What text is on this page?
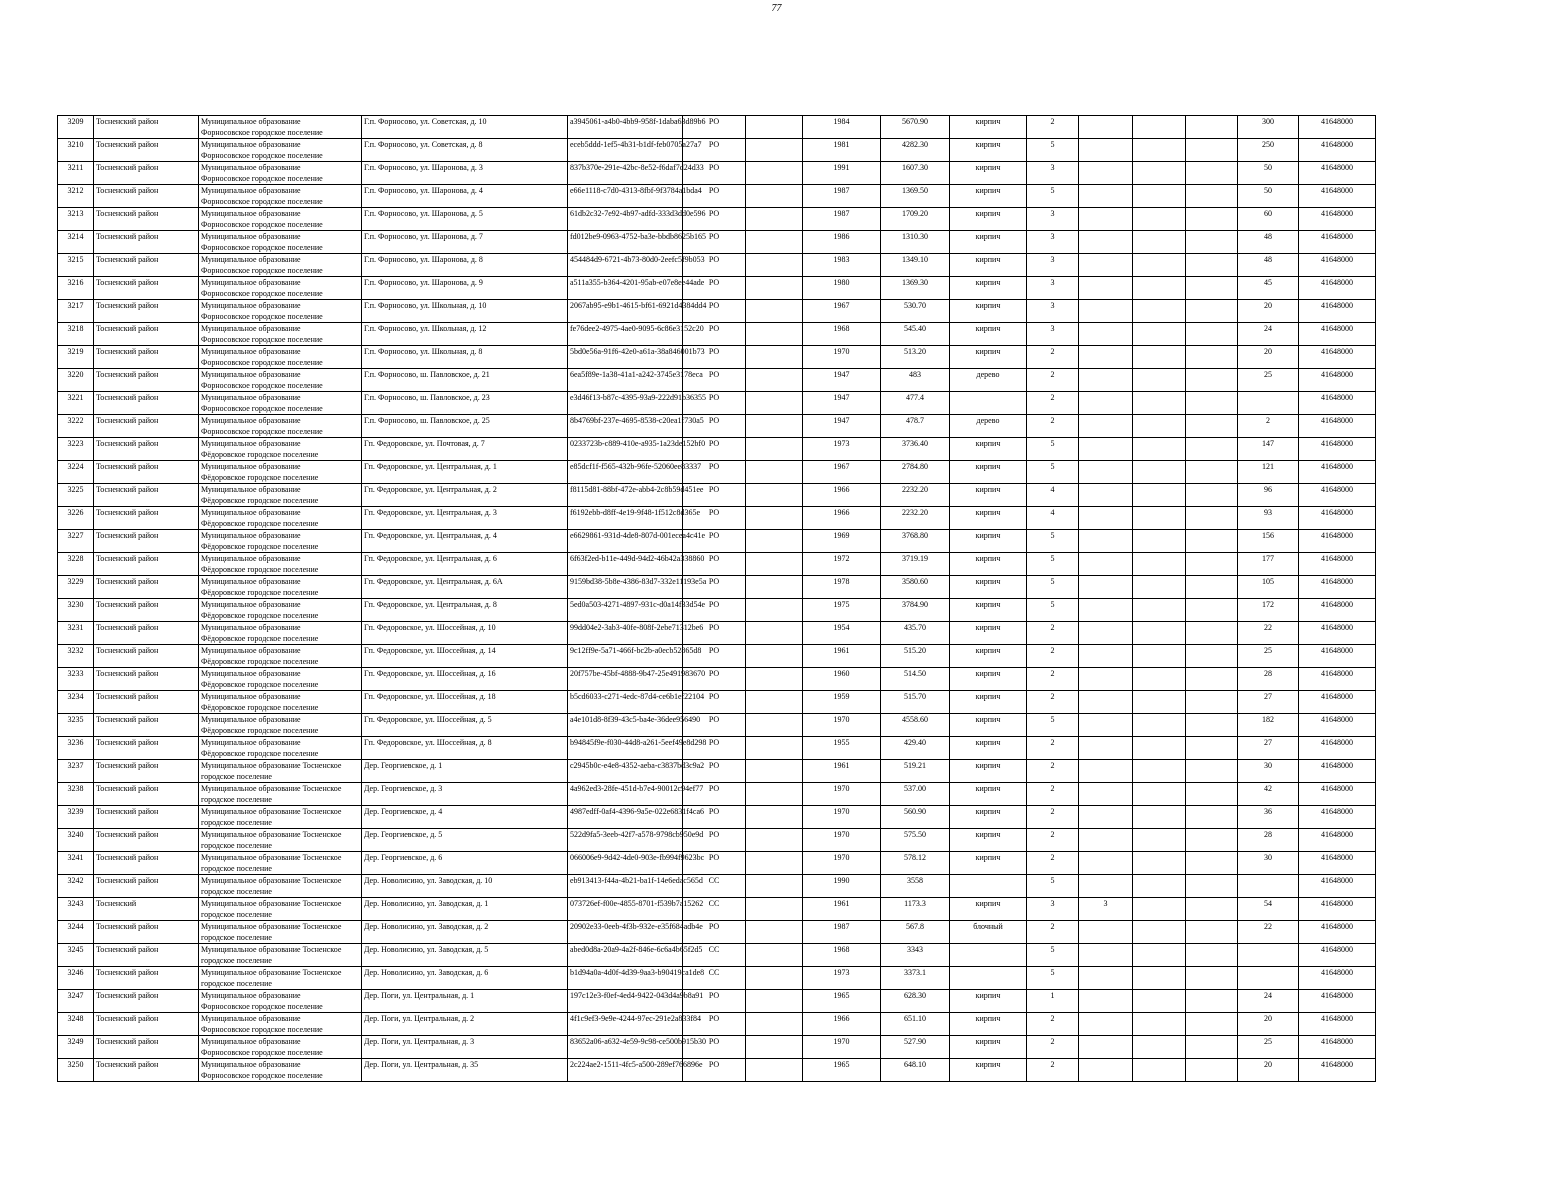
77
3209	Тосненский район	Муниципальное образование
Форносовское городское поселение	Г.п. Форносово, ул. Советская, д. 10	a3945061-a4b0-4bb9-958f-1daba63d89b6	РО		1984	5670.90	кирпич	2				300	41648000
3210	Тосненский район	Муниципальное образование
Форносовское городское поселение	Г.п. Форносово, ул. Советская, д. 8	eceb5ddd-1ef5-4b31-b1df-feb0705a27a7	РО		1981	4282.30	кирпич	5				250	41648000
3211	Тосненский район	Муниципальное образование
Форносовское городское поселение	Г.п. Форносово, ул. Шаронова, д. 3	837b370e-291e-42bc-8e52-f6daf7d24d33	РО		1991	1607.30	кирпич	3				50	41648000
3212	Тосненский район	Муниципальное образование
Форносовское городское поселение	Г.п. Форносово, ул. Шаронова, д. 4	e66e1118-c7d0-4313-8fbf-9f3784a1bda4	РО		1987	1369.50	кирпич	5				50	41648000
3213	Тосненский район	Муниципальное образование
Форносовское городское поселение	Г.п. Форносово, ул. Шаронова, д. 5	61db2c32-7e92-4b97-adfd-333d3dd0e596	РО		1987	1709.20	кирпич	3				60	41648000
3214	Тосненский район	Муниципальное образование
Форносовское городское поселение	Г.п. Форносово, ул. Шаронова, д. 7	fd012be9-0963-4752-ba3e-bbdb8625b165	РО		1986	1310.30	кирпич	3				48	41648000
3215	Тосненский район	Муниципальное образование
Форносовское городское поселение	Г.п. Форносово, ул. Шаронова, д. 8	454484d9-6721-4b73-80d0-2eefc5f9b053	РО		1983	1349.10	кирпич	3				48	41648000
3216	Тосненский район	Муниципальное образование
Форносовское городское поселение	Г.п. Форносово, ул. Шаронова, д. 9	a511a355-b364-4201-95ab-e07e8ee44ade	РО		1980	1369.30	кирпич	3				45	41648000
3217	Тосненский район	Муниципальное образование
Форносовское городское поселение	Г.п. Форносово, ул. Школьная, д. 10	2067ab95-e9b1-4615-bf61-6921d4384dd4	РО		1967	530.70	кирпич	3				20	41648000
3218	Тосненский район	Муниципальное образование
Форносовское городское поселение	Г.п. Форносово, ул. Школьная, д. 12	fe76dee2-4975-4ae0-9095-6c86e3152c20	РО		1968	545.40	кирпич	3				24	41648000
3219	Тосненский район	Муниципальное образование
Форносовское городское поселение	Г.п. Форносово, ул. Школьная, д. 8	5bd0e56a-91f6-42e0-a61a-38a846001b73	РО		1970	513.20	кирпич	2				20	41648000
3220	Тосненский район	Муниципальное образование
Форносовское городское поселение	Г.п. Форносово, ш. Павловское, д. 21	6ea5f89e-1a38-41a1-a242-3745e3178eca	РО		1947	483	дерево	2				25	41648000
3221	Тосненский район	Муниципальное образование
Форносовское городское поселение	Г.п. Форносово, ш. Павловское, д. 23	e3d46f13-b87c-4395-93a9-222d91b36355	РО		1947	477.4		2					41648000
3222	Тосненский район	Муниципальное образование
Форносовское городское поселение	Г.п. Форносово, ш. Павловское, д. 25	8b4769bf-237e-4695-8538-c20ea1f730a5	РО		1947	478.7	дерево	2				2	41648000
3223	Тосненский район	Муниципальное образование
Фёдоровское городское поселение	Гп. Федоровское, ул. Почтовая, д. 7	0233723b-c889-410e-a935-1a23de152bf0	РО		1973	3736.40	кирпич	5				147	41648000
3224	Тосненский район	Муниципальное образование
Фёдоровское городское поселение	Гп. Федоровское, ул. Центральная, д. 1	e85dcf1f-f565-432b-96fe-52060ee83337	РО		1967	2784.80	кирпич	5				121	41648000
3225	Тосненский район	Муниципальное образование
Фёдоровское городское поселение	Гп. Федоровское, ул. Центральная, д. 2	f8115d81-88bf-472e-abb4-2c8b59d451ee	РО		1966	2232.20	кирпич	4				96	41648000
3226	Тосненский район	Муниципальное образование
Фёдоровское городское поселение	Гп. Федоровское, ул. Центральная, д. 3	f6192ebb-d8ff-4e19-9f48-1f512c8d365e	РО		1966	2232.20	кирпич	4				93	41648000
3227	Тосненский район	Муниципальное образование
Фёдоровское городское поселение	Гп. Федоровское, ул. Центральная, д. 4	e6629861-931d-4de8-807d-001ecea4c41e	РО		1969	3768.80	кирпич	5				156	41648000
3228	Тосненский район	Муниципальное образование
Фёдоровское городское поселение	Гп. Федоровское, ул. Центральная, д. 6	6f63f2ed-b11e-449d-94d2-46b42a338860	РО		1972	3719.19	кирпич	5				177	41648000
3229	Тосненский район	Муниципальное образование
Фёдоровское городское поселение	Гп. Федоровское, ул. Центральная, д. 6А	9159bd38-5b8e-4386-83d7-332e11193e5a	РО		1978	3580.60	кирпич	5				105	41648000
3230	Тосненский район	Муниципальное образование
Фёдоровское городское поселение	Гп. Федоровское, ул. Центральная, д. 8	5ed0a503-4271-4897-931c-d0a14f33d54e	РО		1975	3784.90	кирпич	5				172	41648000
3231	Тосненский район	Муниципальное образование
Фёдоровское городское поселение	Гп. Федоровское, ул. Шоссейная, д. 10	99dd04e2-3ab3-40fe-808f-2ebe71312be6	РО		1954	435.70	кирпич	2				22	41648000
3232	Тосненский район	Муниципальное образование
Фёдоровское городское поселение	Гп. Федоровское, ул. Шоссейная, д. 14	9c12ff9e-5a71-466f-bc2b-a0ecb52865d8	РО		1961	515.20	кирпич	2				25	41648000
3233	Тосненский район	Муниципальное образование
Фёдоровское городское поселение	Гп. Федоровское, ул. Шоссейная, д. 16	20f757be-45bf-4888-9b47-25e491983670	РО		1960	514.50	кирпич	2				28	41648000
3234	Тосненский район	Муниципальное образование
Фёдоровское городское поселение	Гп. Федоровское, ул. Шоссейная, д. 18	b5cd6033-c271-4edc-87d4-ce6b1ef22104	РО		1959	515.70	кирпич	2				27	41648000
3235	Тосненский район	Муниципальное образование
Фёдоровское городское поселение	Гп. Федоровское, ул. Шоссейная, д. 5	a4e101d8-8f39-43c5-ba4e-36dee956490	РО		1970	4558.60	кирпич	5				182	41648000
3236	Тосненский район	Муниципальное образование
Фёдоровское городское поселение	Гп. Федоровское, ул. Шоссейная, д. 8	b94845f9e-f030-44d8-a261-5eef49e8d298	РО		1955	429.40	кирпич	2				27	41648000
3237	Тосненский район	Муниципальное образование Тосненское
городское поселение	Дер. Георгиевское, д. 1	c2945b0c-e4e8-4352-aeba-c3837bd3c9a2	РО		1961	519.21	кирпич	2				30	41648000
3238	Тосненский район	Муниципальное образование Тосненское
городское поселение	Дер. Георгиевское, д. 3	4a962ed3-28fe-451d-b7e4-90012c94ef77	РО		1970	537.00	кирпич	2				42	41648000
3239	Тосненский район	Муниципальное образование Тосненское
городское поселение	Дер. Георгиевское, д. 4	4987edff-0af4-4396-9a5e-022e6831f4ca6	РО		1970	560.90	кирпич	2				36	41648000
3240	Тосненский район	Муниципальное образование Тосненское
городское поселение	Дер. Георгиевское, д. 5	522d9fa5-3eeb-42f7-a578-9798cb950e9d	РО		1970	575.50	кирпич	2				28	41648000
3241	Тосненский район	Муниципальное образование Тосненское
городское поселение	Дер. Георгиевское, д. 6	066006e9-9d42-4de0-903e-fb994f9623bc	РО		1970	578.12	кирпич	2				30	41648000
3242	Тосненский район	Муниципальное образование Тосненское
городское поселение	Дер. Новолисино, ул. Заводская, д. 10	eb913413-f44a-4b21-ba1f-14e6edac565d	СС		1990	3558		5					41648000
3243	Тосненский	Муниципальное образование Тосненское
городское поселение	Дер. Новолисино, ул. Заводская, д. 1	073726ef-f00e-4855-8701-f539b7a15262	СС		1961	1173.3	кирпич	3	3			54	41648000
3244	Тосненский район	Муниципальное образование Тосненское
городское поселение	Дер. Новолисино, ул. Заводская, д. 2	20902e33-0eeb-4f3b-932e-e35f684adb4e	РО		1987	567.8	блочный	2				22	41648000
3245	Тосненский район	Муниципальное образование Тосненское
городское поселение	Дер. Новолисино, ул. Заводская, д. 5	abed0d8a-20a9-4a2f-846e-6c6a4b65f2d5	СС		1968	3343		5					41648000
3246	Тосненский район	Муниципальное образование Тосненское
городское поселение	Дер. Новолисино, ул. Заводская, д. 6	b1d94a0a-4d0f-4d39-9aa3-b90419ca1de8	СС		1973	3373.1		5					41648000
3247	Тосненский район	Муниципальное образование
Форносовское городское поселение	Дер. Поги, ул. Центральная, д. 1	197c12e3-f0ef-4ed4-9422-043d4a9b8a91	РО		1965	628.30	кирпич	1				24	41648000
3248	Тосненский район	Муниципальное образование
Форносовское городское поселение	Дер. Поги, ул. Центральная, д. 2	4f1c9ef3-9e9e-4244-97ec-291e2a833f84	РО		1966	651.10	кирпич	2				20	41648000
3249	Тосненский район	Муниципальное образование
Форносовское городское поселение	Дер. Поги, ул. Центральная, д. 3	83652a06-a632-4e59-9c98-ce500b915b30	РО		1970	527.90	кирпич	2				25	41648000
3250	Тосненский район	Муниципальное образование
Форносовское городское поселение	Дер. Поги, ул. Центральная, д. 35	2c224ae2-1511-4fc5-a500-289ef766896e	РО		1965	648.10	кирпич	2				20	41648000
